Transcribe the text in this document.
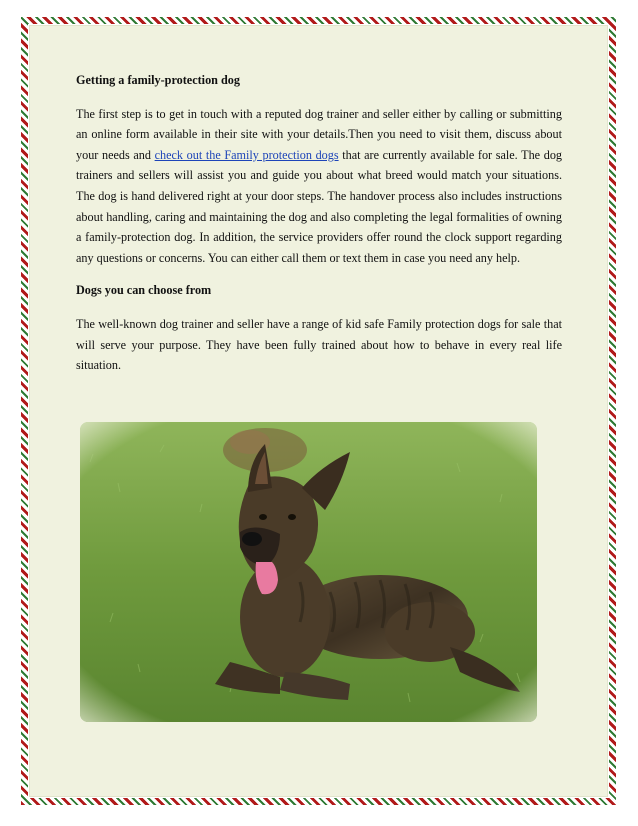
Getting a family-protection dog

The first step is to get in touch with a reputed dog trainer and seller either by calling or submitting an online form available in their site with your details.Then you need to visit them, discuss about your needs and check out the Family protection dogs that are currently available for sale. The dog trainers and sellers will assist you and guide you about what breed would match your situations. The dog is hand delivered right at your door steps. The handover process also includes instructions about handling, caring and maintaining the dog and also completing the legal formalities of owning a family-protection dog. In addition, the service providers offer round the clock support regarding any questions or concerns. You can either call them or text them in case you need any help.

Dogs you can choose from

The well-known dog trainer and seller have a range of kid safe Family protection dogs for sale that will serve your purpose. They have been fully trained about how to behave in every real life situation.
